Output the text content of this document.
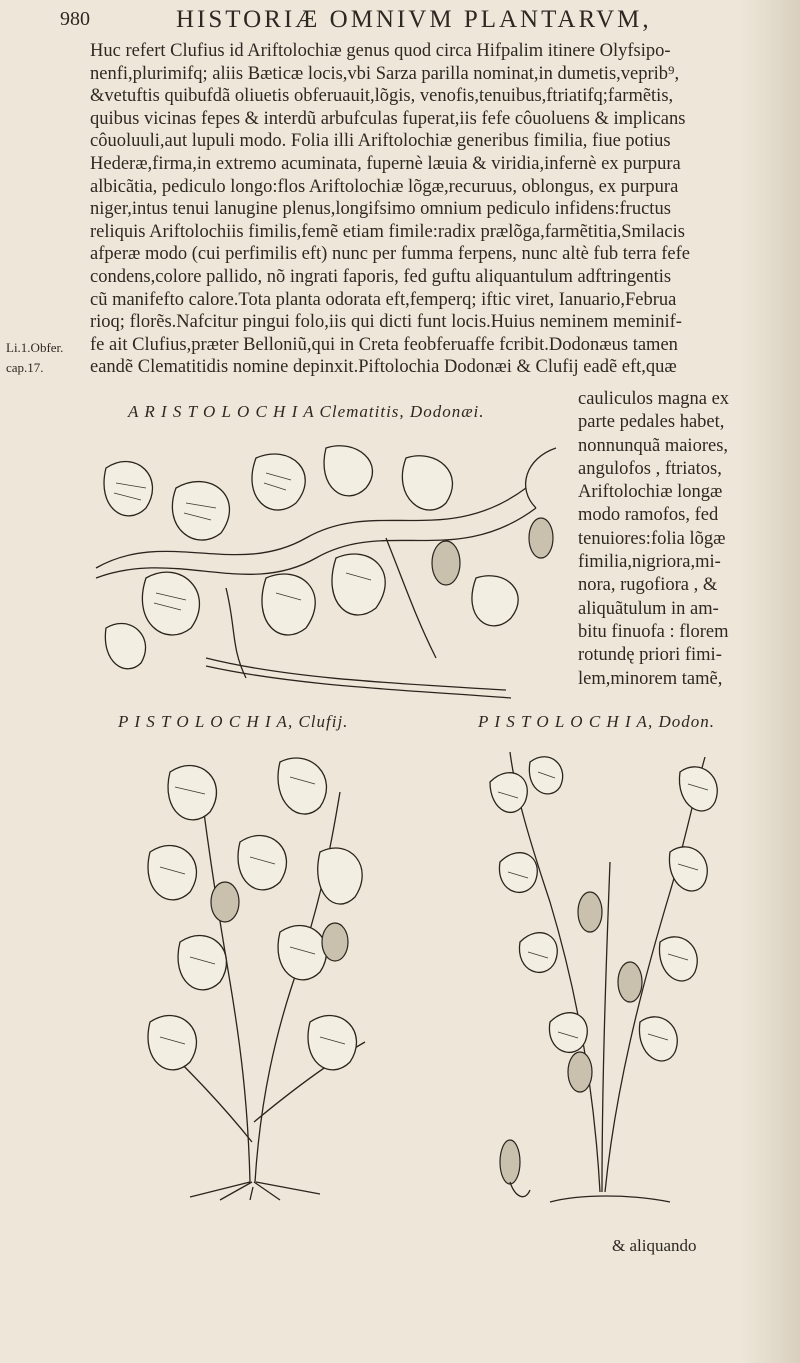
980	HISTORIÆ OMNIVM PLANTARVM,
Huc refert Clufius id Ariftolochiæ genus quod circa Hifpalim itinere Olyfsipo-
nenfi,plurimifq; aliis Bæticæ locis,vbi Sarza parilla nominat,in dumetis,veprib⁹,
&vetuftis quibufdã oliuetis obferuauit,lõgis, venofis,tenuibus,ftriatifq;farmẽtis,
quibus vicinas fepes & interdũ arbufculas fuperat,iis fefe côuoluens & implicans
côuoluuli,aut lupuli modo. Folia illi Ariftolochiæ generibus fimilia, fiue potius
Hederæ,firma,in extremo acuminata, fupernè læuia & viridia,infernè ex purpura
albicãtia, pediculo longo:flos Ariftolochiæ lõgæ,recuruus, oblongus, ex purpura
niger,intus tenui lanugine plenus,longifsimo omnium pediculo infidens:fructus
reliquis Ariftolochiis fimilis,femẽ etiam fimile:radix prælõga,farmẽtitia,Smilacis
afperæ modo (cui perfimilis eft) nunc per fumma ferpens, nunc altè fub terra fefe
condens,colore pallido, nõ ingrati faporis, fed guftu aliquantulum adftringentis
cũ manifefto calore.Tota planta odorata eft,femperq; iftic viret, Ianuario,Februa
rioq; florẽs.Nafcitur pingui folo,iis qui dicti funt locis.Huius neminem meminif-
fe ait Clufius,præter Belloniũ,qui in Creta feobferuaffe fcribit.Dodonæus tamen
eandẽ Clematitidis nomine depinxit.Piftolochia Dodonæi & Clufij eadẽ eft,quæ
Li.1.Obfer.
cap.17.
A R I S T O L O C H I A Clematitis, Dodonæi.
cauliculos magna ex
parte pedales habet,
nonnunquã maiores,
angulofos , ftriatos,
Ariftolochiæ longæ
modo ramofos, fed
tenuiores:folia lõgæ
fimilia,nigriora,mi-
nora, rugofiora , &
aliquãtulum in am-
bitu finuofa : florem
rotundę priori fimi-
lem,minorem tamẽ,
P I S T O L O C H I A, Clufij.	P I S T O L O C H I A, Dodon.
& aliquando
